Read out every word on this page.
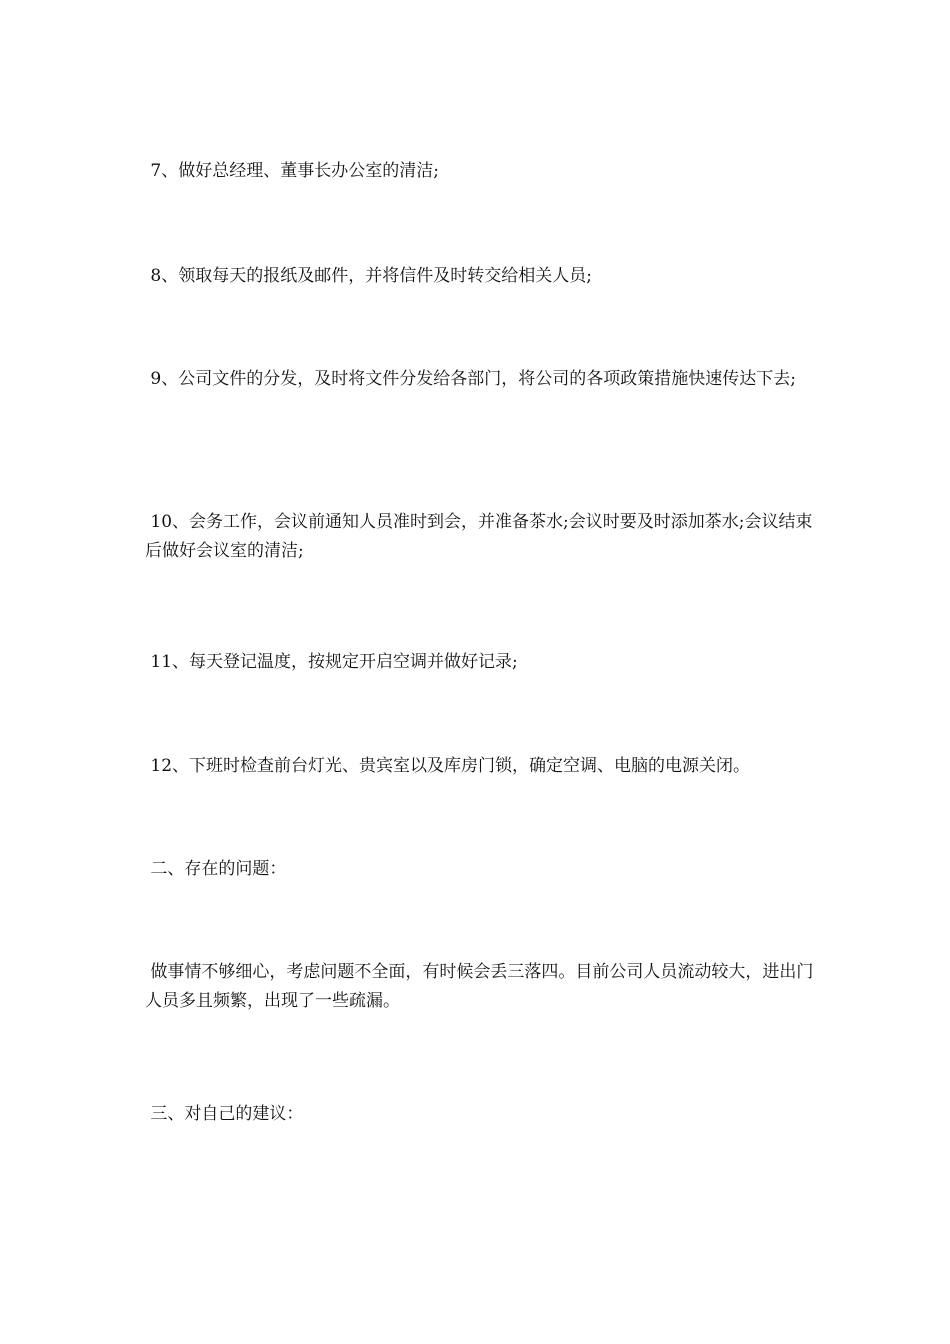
7、做好总经理、董事长办公室的清洁;

8、领取每天的报纸及邮件，并将信件及时转交给相关人员;

9、公司文件的分发，及时将文件分发给各部门，将公司的各项政策措施快速传达下去;

10、会务工作，会议前通知人员准时到会，并准备茶水;会议时要及时添加茶水;会议结束后做好会议室的清洁;

11、每天登记温度，按规定开启空调并做好记录;

12、下班时检查前台灯光、贵宾室以及库房门锁，确定空调、电脑的电源关闭。

二、存在的问题：

做事情不够细心，考虑问题不全面，有时候会丢三落四。目前公司人员流动较大，进出门人员多且频繁，出现了一些疏漏。

三、对自己的建议：
